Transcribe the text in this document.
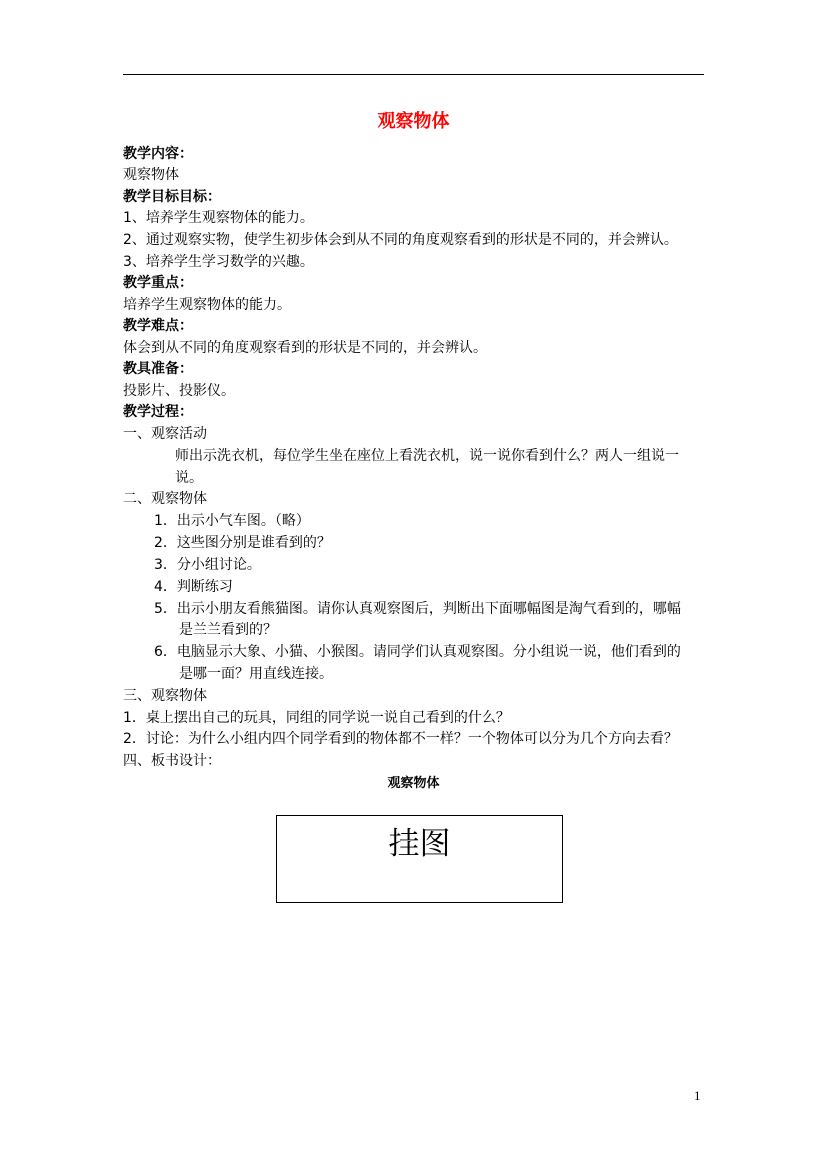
观察物体
教学内容：
观察物体
教学目标目标：
1、培养学生观察物体的能力。
2、通过观察实物，使学生初步体会到从不同的角度观察看到的形状是不同的，并会辨认。
3、培养学生学习数学的兴趣。
教学重点：
培养学生观察物体的能力。
教学难点：
体会到从不同的角度观察看到的形状是不同的，并会辨认。
教具准备：
投影片、投影仪。
教学过程：
一、观察活动
师出示洗衣机，每位学生坐在座位上看洗衣机，说一说你看到什么？两人一组说一
说。
二、观察物体
1．出示小气车图。（略）
2．这些图分别是谁看到的？
3．分小组讨论。
4．判断练习
5．出示小朋友看熊猫图。请你认真观察图后，判断出下面哪幅图是淘气看到的，哪幅
是兰兰看到的？
6．电脑显示大象、小猫、小猴图。请同学们认真观察图。分小组说一说，他们看到的
是哪一面？用直线连接。
三、观察物体
1．桌上摆出自己的玩具，同组的同学说一说自己看到的什么？
2．讨论：为什么小组内四个同学看到的物体都不一样？一个物体可以分为几个方向去看？
四、板书设计：
观察物体
挂图
1
